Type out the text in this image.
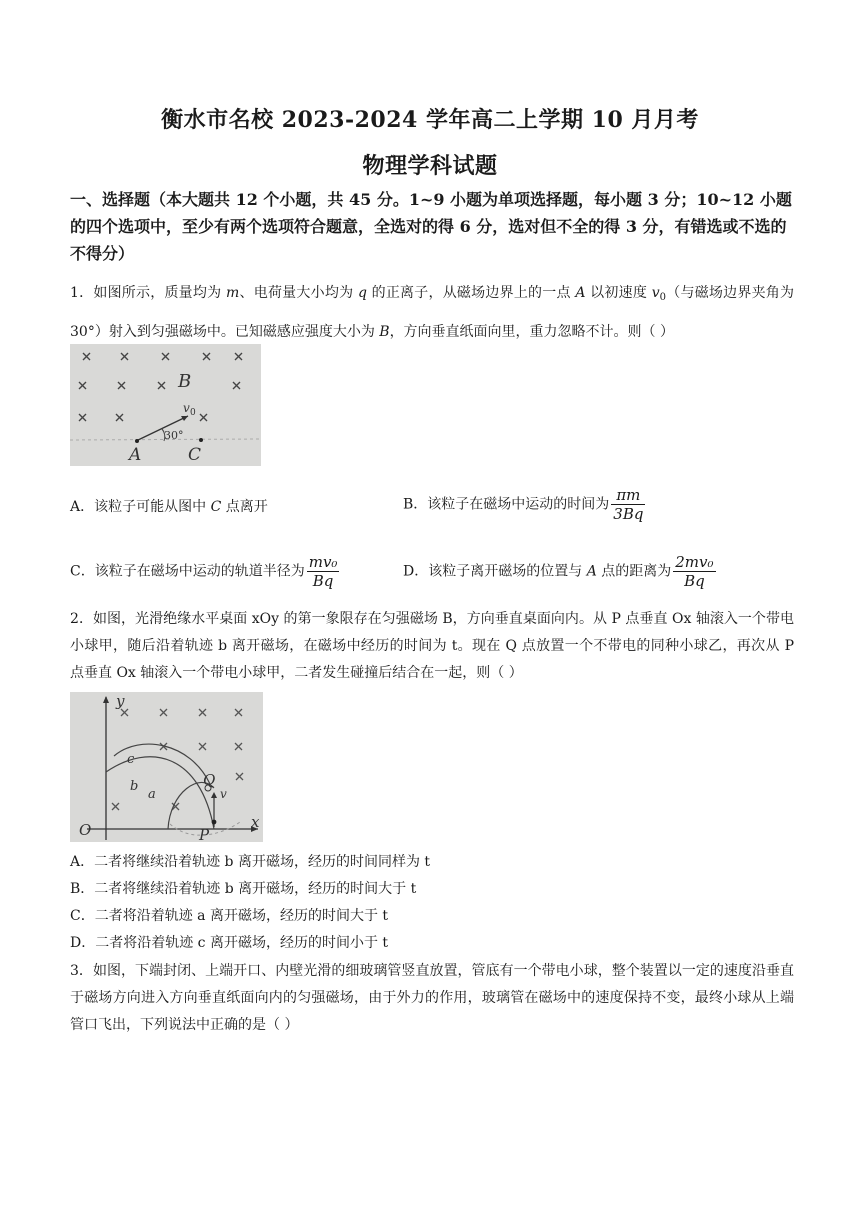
衡水市名校 2023-2024 学年高二上学期 10 月月考
物理学科试题
一、选择题（本大题共 12 个小题，共 45 分。1~9 小题为单项选择题，每小题 3 分；10~12 小题的四个选项中，至少有两个选项符合题意，全选对的得 6 分，选对但不全的得 3 分，有错选或不选的不得分）
1．如图所示，质量均为 m、电荷量大小均为 q 的正离子，从磁场边界上的一点 A 以初速度 $v_0$（与磁场边界夹角为30°）射入到匀强磁场中。已知磁感应强度大小为 B，方向垂直纸面向里，重力忽略不计。则（ ）
B
v 0
30°
A	C
A．该粒子可能从图中 C 点离开	B．该粒子在磁场中运动的时间为 $\frac{\pi m}{3Bq}$
C．该粒子在磁场中运动的轨道半径为 $\frac{\text{mv₀}}{Bq}$	D．该粒子离开磁场的位置与 A 点的距离为 $\frac{\text{2mv₀}}{Bq}$
2．如图，光滑绝缘水平桌面 xOy 的第一象限存在匀强磁场 B，方向垂直桌面向内。从 P 点垂直 Ox 轴滚入一个带电小球甲，随后沿着轨迹 b 离开磁场，在磁场中经历的时间为 t。现在 Q 点放置一个不带电的同种小球乙，再次从 P 点垂直 Ox 轴滚入一个带电小球甲，二者发生碰撞后结合在一起，则（ ）
y
x
O	P
Q
a
b
c
v
A．二者将继续沿着轨迹 b 离开磁场，经历的时间同样为 t
B．二者将继续沿着轨迹 b 离开磁场，经历的时间大于 t
C．二者将沿着轨迹 a 离开磁场，经历的时间大于 t
D．二者将沿着轨迹 c 离开磁场，经历的时间小于 t
3．如图，下端封闭、上端开口、内壁光滑的细玻璃管竖直放置，管底有一个带电小球，整个装置以一定的速度沿垂直于磁场方向进入方向垂直纸面向内的匀强磁场，由于外力的作用，玻璃管在磁场中的速度保持不变，最终小球从上端管口飞出，下列说法中正确的是（ ）
